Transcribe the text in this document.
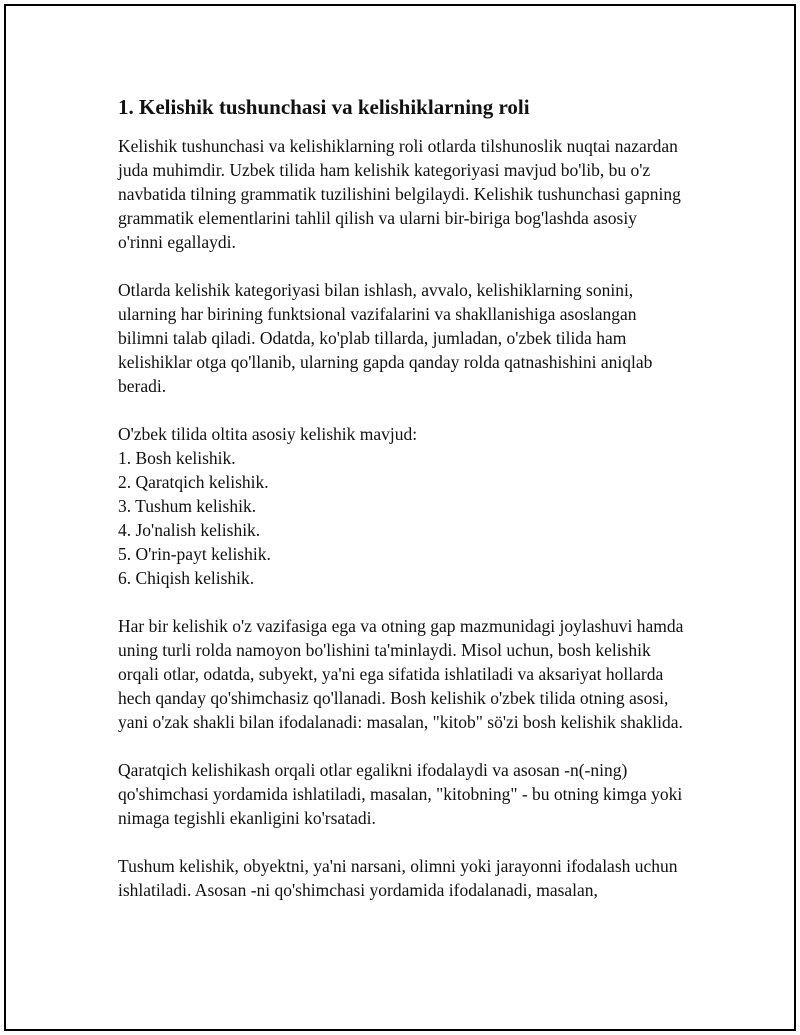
1. Kelishik tushunchasi va kelishiklarning roli

Kelishik tushunchasi va kelishiklarning roli otlarda tilshunoslik nuqtai nazardan juda muhimdir. Uzbek tilida ham kelishik kategoriyasi mavjud bo'lib, bu o'z navbatida tilning grammatik tuzilishini belgilaydi. Kelishik tushunchasi gapning grammatik elementlarini tahlil qilish va ularni bir-biriga bog'lashda asosiy o'rinni egallaydi.

Otlarda kelishik kategoriyasi bilan ishlash, avvalo, kelishiklarning sonini, ularning har birining funktsional vazifalarini va shakllanishiga asoslangan bilimni talab qiladi. Odatda, ko'plab tillarda, jumladan, o'zbek tilida ham kelishiklar otga qo'llanib, ularning gapda qanday rolda qatnashishini aniqlab beradi.

O'zbek tilida oltita asosiy kelishik mavjud:
1. Bosh kelishik.
2. Qaratqich kelishik.
3. Tushum kelishik.
4. Jo'nalish kelishik.
5. O'rin-payt kelishik.
6. Chiqish kelishik.

Har bir kelishik o'z vazifasiga ega va otning gap mazmunidagi joylashuvi hamda uning turli rolda namoyon bo'lishini ta'minlaydi. Misol uchun, bosh kelishik orqali otlar, odatda, subyekt, ya'ni ega sifatida ishlatiladi va aksariyat hollarda hech qanday qo'shimchasiz qo'llanadi. Bosh kelishik o'zbek tilida otning asosi, yani o'zak shakli bilan ifodalanadi: masalan, "kitob" sö'zi bosh kelishik shaklida.

Qaratqich kelishikash orqali otlar egalikni ifodalaydi va asosan -n(-ning) qo'shimchasi yordamida ishlatiladi, masalan, "kitobning" - bu otning kimga yoki nimaga tegishli ekanligini ko'rsatadi.

Tushum kelishik, obyektni, ya'ni narsani, olimni yoki jarayonni ifodalash uchun ishlatiladi. Asosan -ni qo'shimchasi yordamida ifodalanadi, masalan,
